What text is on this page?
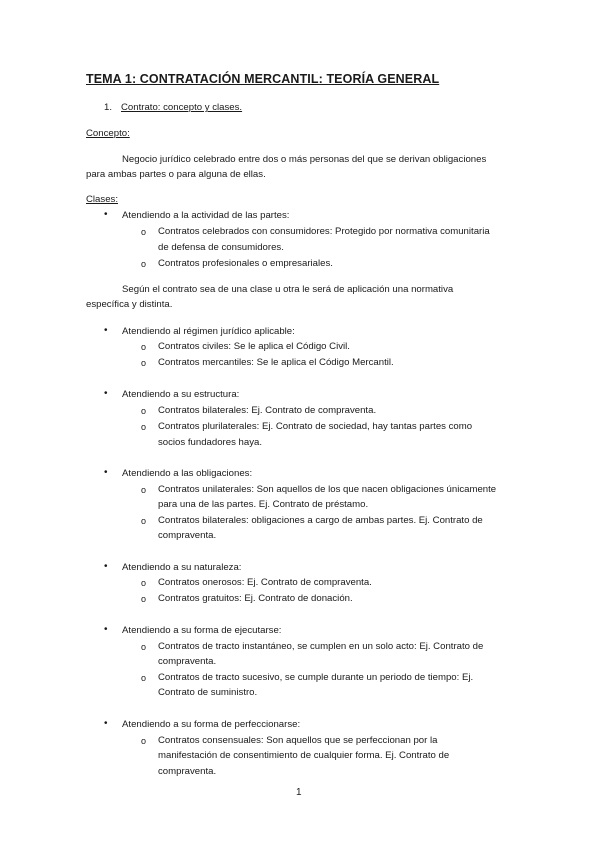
TEMA 1: CONTRATACIÓN MERCANTIL: TEORÍA GENERAL
1. Contrato: concepto y clases.
Concepto:
Negocio jurídico celebrado entre dos o más personas del que se derivan obligaciones
para ambas partes o para alguna de ellas.
Clases:
• Atendiendo a la actividad de las partes:
o Contratos celebrados con consumidores: Protegido por normativa comunitaria
de defensa de consumidores.
o Contratos profesionales o empresariales.
Según el contrato sea de una clase u otra le será de aplicación una normativa
específica y distinta.
• Atendiendo al régimen jurídico aplicable:
o Contratos civiles: Se le aplica el Código Civil.
o Contratos mercantiles: Se le aplica el Código Mercantil.
• Atendiendo a su estructura:
o Contratos bilaterales: Ej. Contrato de compraventa.
o Contratos plurilaterales: Ej. Contrato de sociedad, hay tantas partes como
socios fundadores haya.
• Atendiendo a las obligaciones:
o Contratos unilaterales: Son aquellos de los que nacen obligaciones únicamente
para una de las partes. Ej. Contrato de préstamo.
o Contratos bilaterales: obligaciones a cargo de ambas partes. Ej. Contrato de
compraventa.
• Atendiendo a su naturaleza:
o Contratos onerosos: Ej. Contrato de compraventa.
o Contratos gratuitos: Ej. Contrato de donación.
• Atendiendo a su forma de ejecutarse:
o Contratos de tracto instantáneo, se cumplen en un solo acto: Ej. Contrato de
compraventa.
o Contratos de tracto sucesivo, se cumple durante un periodo de tiempo: Ej.
Contrato de suministro.
• Atendiendo a su forma de perfeccionarse:
o Contratos consensuales: Son aquellos que se perfeccionan por la
manifestación de consentimiento de cualquier forma. Ej. Contrato de
compraventa.
1
